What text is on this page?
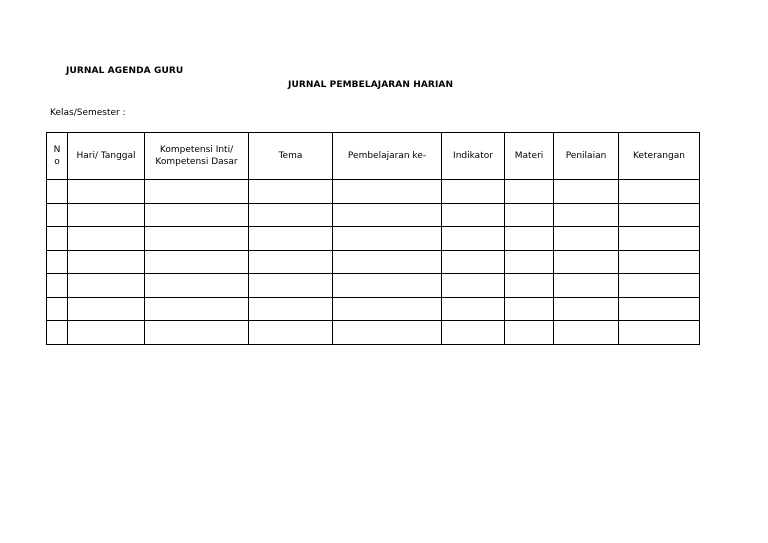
JURNAL AGENDA GURU
JURNAL PEMBELAJARAN HARIAN
Kelas/Semester :
N
o	Hari/ Tanggal	Kompetensi Inti/ Kompetensi Dasar	Tema	Pembelajaran ke-	Indikator	Materi	Penilaian	Keterangan
